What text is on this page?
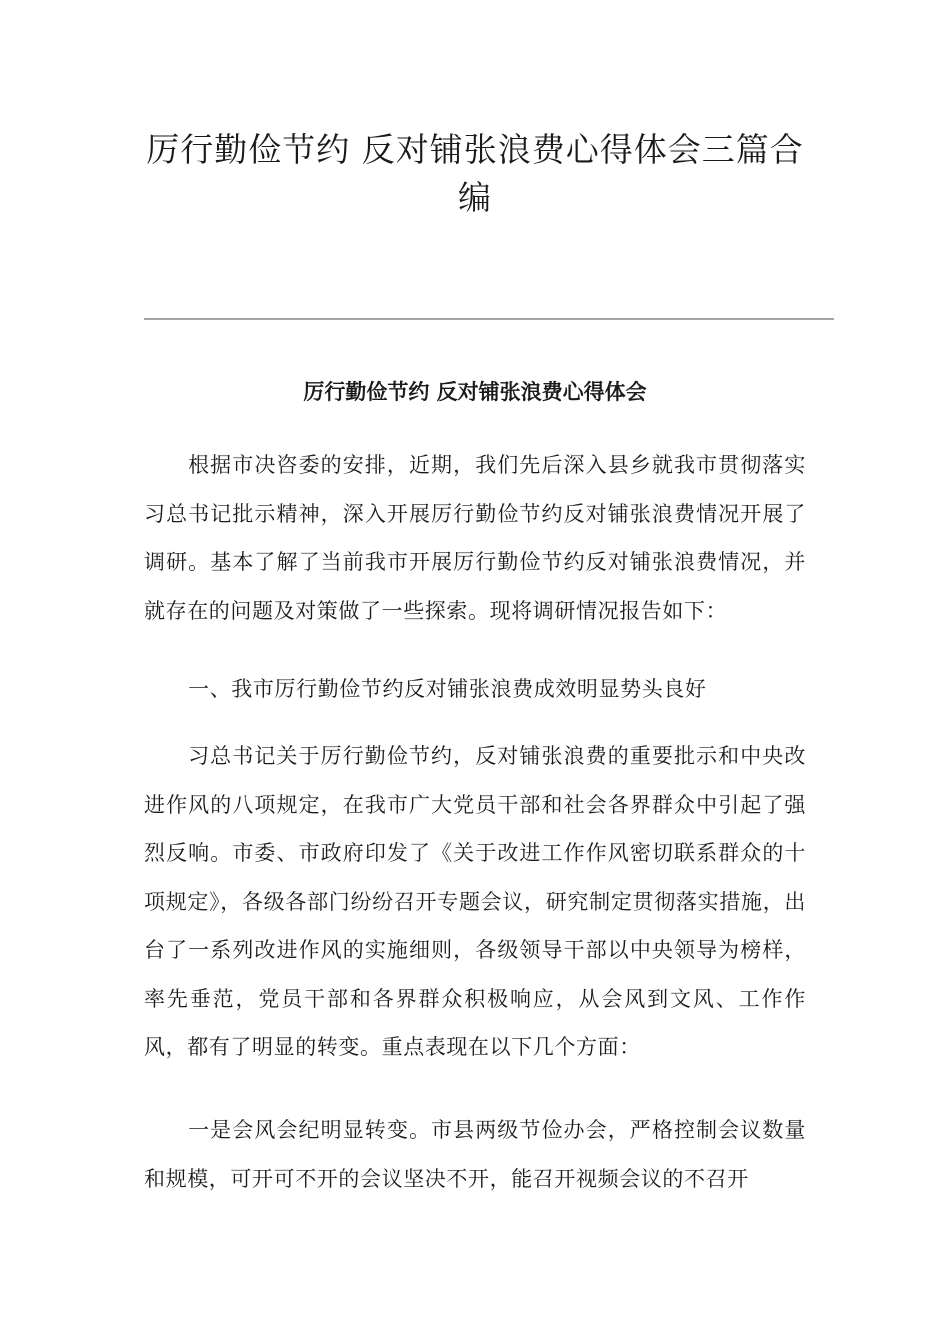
厉行勤俭节约 反对铺张浪费心得体会三篇合编
厉行勤俭节约 反对铺张浪费心得体会

根据市决咨委的安排，近期，我们先后深入县乡就我市贯彻落实习总书记批示精神，深入开展厉行勤俭节约反对铺张浪费情况开展了调研。基本了解了当前我市开展厉行勤俭节约反对铺张浪费情况，并就存在的问题及对策做了一些探索。现将调研情况报告如下：

一、我市厉行勤俭节约反对铺张浪费成效明显势头良好

习总书记关于厉行勤俭节约，反对铺张浪费的重要批示和中央改进作风的八项规定，在我市广大党员干部和社会各界群众中引起了强烈反响。市委、市政府印发了《关于改进工作作风密切联系群众的十项规定》，各级各部门纷纷召开专题会议，研究制定贯彻落实措施，出台了一系列改进作风的实施细则，各级领导干部以中央领导为榜样，率先垂范，党员干部和各界群众积极响应，从会风到文风、工作作风，都有了明显的转变。重点表现在以下几个方面：

一是会风会纪明显转变。市县两级节俭办会，严格控制会议数量和规模，可开可不开的会议坚决不开，能召开视频会议的不召开
